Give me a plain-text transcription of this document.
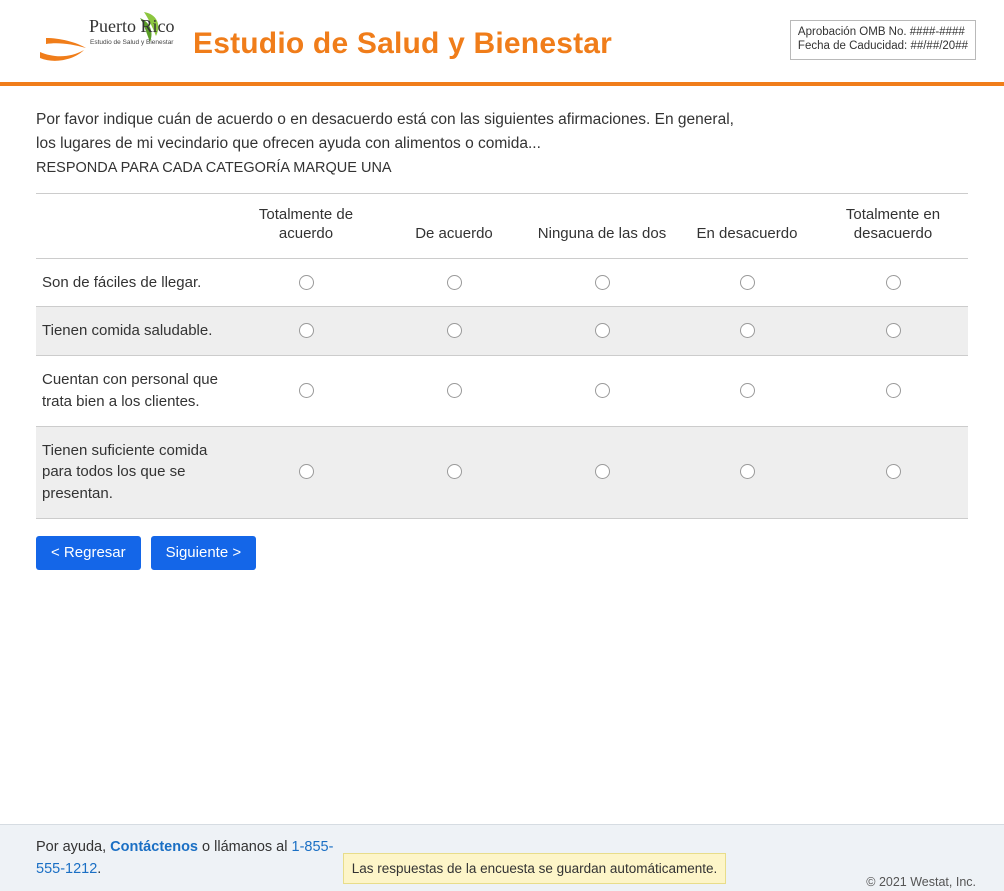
Puerto Rico
Estudio de Salud y Bienestar Estudio de Salud y Bienestar	Aprobación OMB No. ####-####
Fecha de Caducidad: ##/##/20##
Por favor indique cuán de acuerdo o en desacuerdo está con las siguientes afirmaciones. En general, los lugares de mi vecindario que ofrecen ayuda con alimentos o comida...
RESPONDA PARA CADA CATEGORÍA MARQUE UNA
	Totalmente de acuerdo	De acuerdo	Ninguna de las dos	En desacuerdo	Totalmente en desacuerdo
Son de fáciles de llegar.					
Tienen comida saludable.					
Cuentan con personal que trata bien a los clientes.					
Tienen suficiente comida para todos los que se presentan.					
< Regresar	Siguiente >
Por ayuda, Contáctenos o llámanos al 1-855-555-1212.	Las respuestas de la encuesta se guardan automáticamente.
© 2021 Westat, Inc.
